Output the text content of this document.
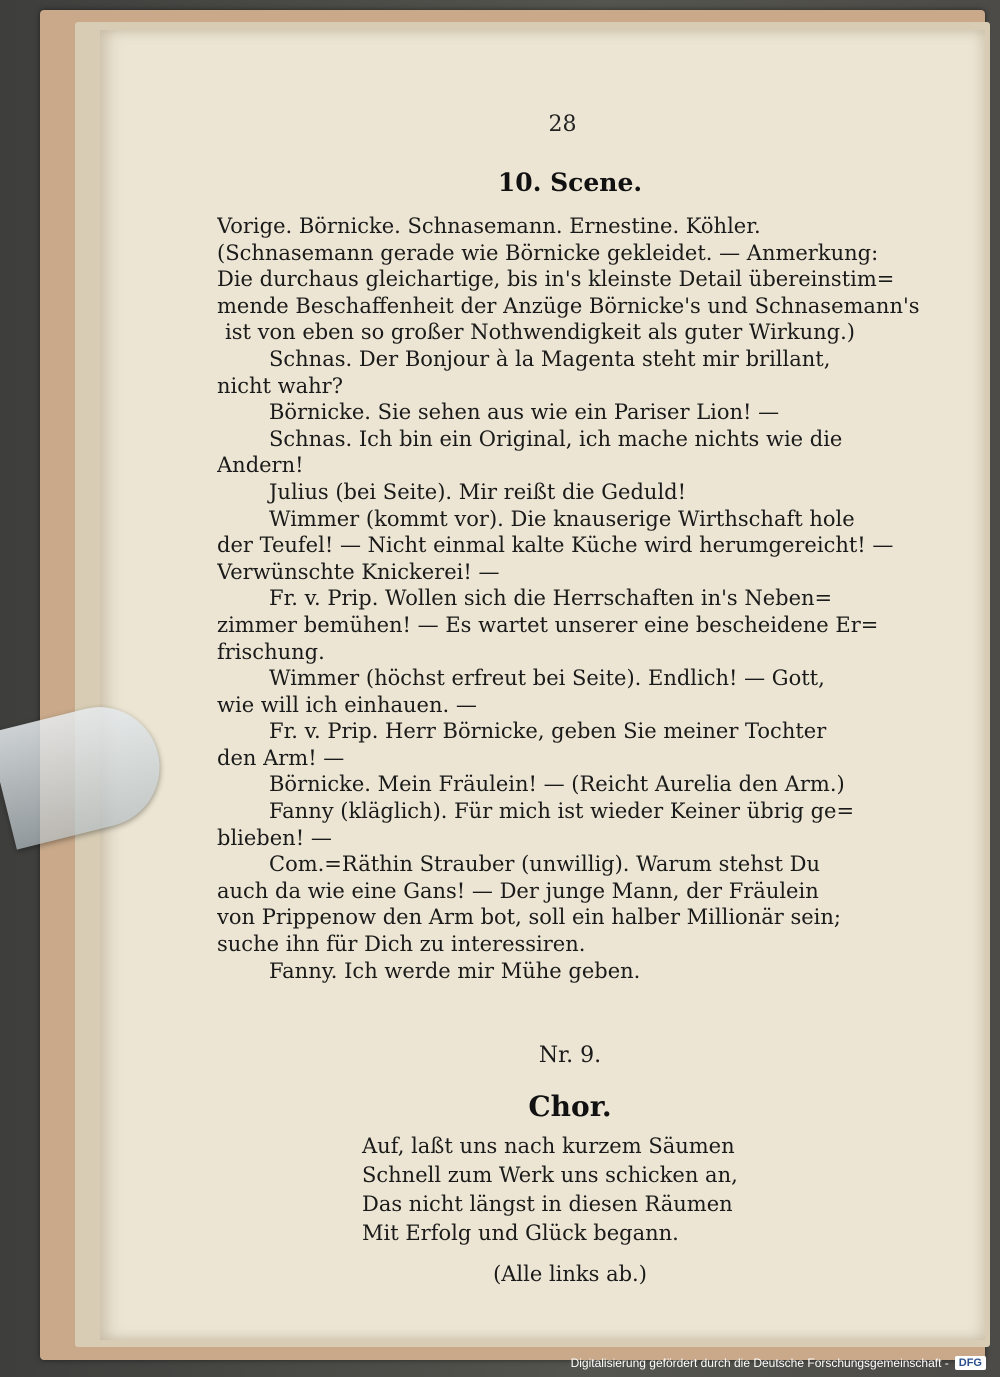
28
10. Scene.
Vorige. Börnicke. Schnasemann. Ernestine. Köhler.
(Schnasemann gerade wie Börnicke gekleidet. — Anmerkung:
Die durchaus gleichartige, bis in's kleinste Detail übereinstim=
mende Beschaffenheit der Anzüge Börnicke's und Schnasemann's
ist von eben so großer Nothwendigkeit als guter Wirkung.)
Schnas. Der Bonjour à la Magenta steht mir brillant,
nicht wahr?
Börnicke. Sie sehen aus wie ein Pariser Lion! —
Schnas. Ich bin ein Original, ich mache nichts wie die
Andern!
Julius (bei Seite). Mir reißt die Geduld!
Wimmer (kommt vor). Die knauserige Wirthschaft hole
der Teufel! — Nicht einmal kalte Küche wird herumgereicht! —
Verwünschte Knickerei! —
Fr. v. Prip. Wollen sich die Herrschaften in's Neben=
zimmer bemühen! — Es wartet unserer eine bescheidene Er=
frischung.
Wimmer (höchst erfreut bei Seite). Endlich! — Gott,
wie will ich einhauen. —
Fr. v. Prip. Herr Börnicke, geben Sie meiner Tochter
den Arm! —
Börnicke. Mein Fräulein! — (Reicht Aurelia den Arm.)
Fanny (kläglich). Für mich ist wieder Keiner übrig ge=
blieben! —
Com.=Räthin Strauber (unwillig). Warum stehst Du
auch da wie eine Gans! — Der junge Mann, der Fräulein
von Prippenow den Arm bot, soll ein halber Millionär sein;
suche ihn für Dich zu interessiren.
Fanny. Ich werde mir Mühe geben.
Nr. 9.
Chor.
Auf, laßt uns nach kurzem Säumen
Schnell zum Werk uns schicken an,
Das nicht längst in diesen Räumen
Mit Erfolg und Glück begann.
(Alle links ab.)
Digitalisierung gefördert durch die Deutsche Forschungsgemeinschaft - DFG
